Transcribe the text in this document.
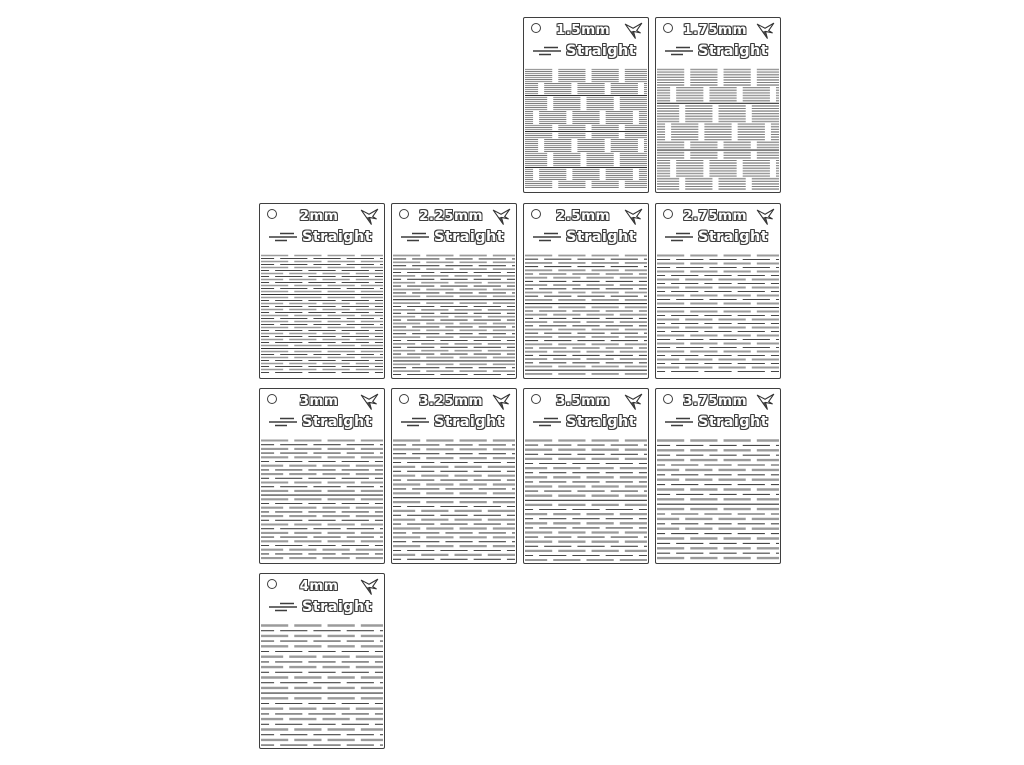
1.5mm
Straight
1.75mm
Straight
2mm
Straight
2.25mm
Straight
2.5mm
Straight
2.75mm
Straight
3mm
Straight
3.25mm
Straight
3.5mm
Straight
3.75mm
Straight
4mm
Straight
